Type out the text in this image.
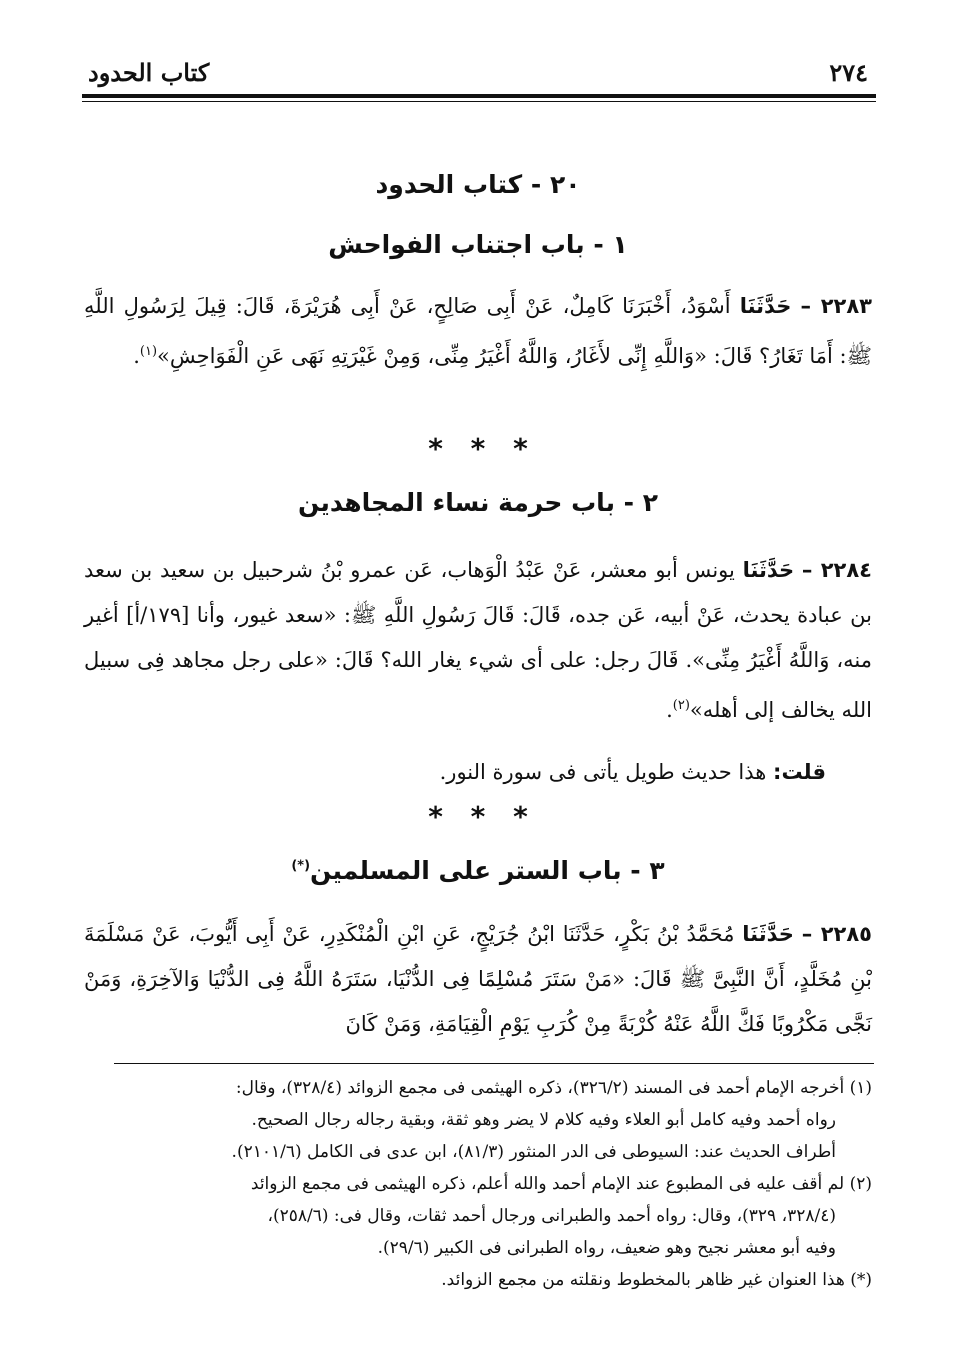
٢٧٤
كتاب الحدود
٢٠ - كتاب الحدود
١ - باب اجتناب الفواحش
٢٢٨٣ – حَدَّثَنَا أَسْوَدُ، أَخْبَرَنَا كَامِلٌ، عَنْ أَبِى صَالِحٍ، عَنْ أَبِى هُرَيْرَةَ، قَالَ: قِيلَ لِرَسُولِ اللَّهِ ﷺ: أَمَا تَغَارُ؟ قَالَ: «وَاللَّهِ إِنِّى لأَغَارُ، وَاللَّهُ أَغْيَرُ مِنِّى، وَمِنْ غَيْرَتِهِ نَهَى عَنِ الْفَوَاحِشِ»$^{(١)}$.
* * *
٢ - باب حرمة نساء المجاهدين
٢٢٨٤ – حَدَّثَنَا يونس أبو معشر، عَنْ عَبْدُ الْوَهاب، عَن عمرو بْنُ شرحبيل بن سعيد بن سعد بن عبادة يحدث، عَنْ أبيه، عَن جده، قَالَ: قَالَ رَسُولِ اللَّهِ ﷺ: «سعد غيور، وأنا [١٧٩/أ] أغير منه، وَاللَّهُ أَغْيَرُ مِنِّى». قَالَ رجل: على أى شيء يغار الله؟ قَالَ: «على رجل مجاهد فِى سبيل الله يخالف إلى أهله»$^{(٢)}$.
قلت: هذا حديث طويل يأتى فى سورة النور.
* * *
٣ - باب الستر على المسلمين(*)
٢٢٨٥ – حَدَّثَنَا مُحَمَّدُ بْنُ بَكْرٍ، حَدَّثَنَا ابْنُ جُرَيْجٍ، عَنِ ابْنِ الْمُنْكَدِرِ، عَنْ أَبِى أَيُّوبَ، عَنْ مَسْلَمَةَ بْنِ مُخَلَّدٍ، أَنَّ النَّبِىَّ ﷺ قَالَ: «مَنْ سَتَرَ مُسْلِمًا فِى الدُّنْيَا، سَتَرَهُ اللَّهُ فِى الدُّنْيَا وَالآخِرَةِ، وَمَنْ نَجَّى مَكْرُوبًا فَكَّ اللَّهُ عَنْهُ كُرْبَةً مِنْ كُرَبِ يَوْمِ الْقِيَامَةِ، وَمَنْ كَانَ

(١) أخرجه الإمام أحمد فى المسند (٣٢٦/٢)، ذكره الهيثمى فى مجمع الزوائد (٣٢٨/٤)، وقال:
رواه أحمد وفيه كامل أبو العلاء وفيه كلام لا يضر وهو ثقة، وبقية رجاله رجال الصحيح.
أطراف الحديث عند: السيوطى فى الدر المنثور (٨١/٣)، ابن عدى فى الكامل (٢١٠١/٦).

(٢) لم أقف عليه فى المطبوع عند الإمام أحمد والله أعلم، ذكره الهيثمى فى مجمع الزوائد
(٣٢٨/٤، ٣٢٩)، وقال: رواه أحمد والطبرانى ورجال أحمد ثقات، وقال فى: (٢٥٨/٦)،
وفيه أبو معشر نجيح وهو ضعيف، رواه الطبرانى فى الكبير (٢٩/٦).

(*) هذا العنوان غير ظاهر بالمخطوط ونقلته من مجمع الزوائد.
